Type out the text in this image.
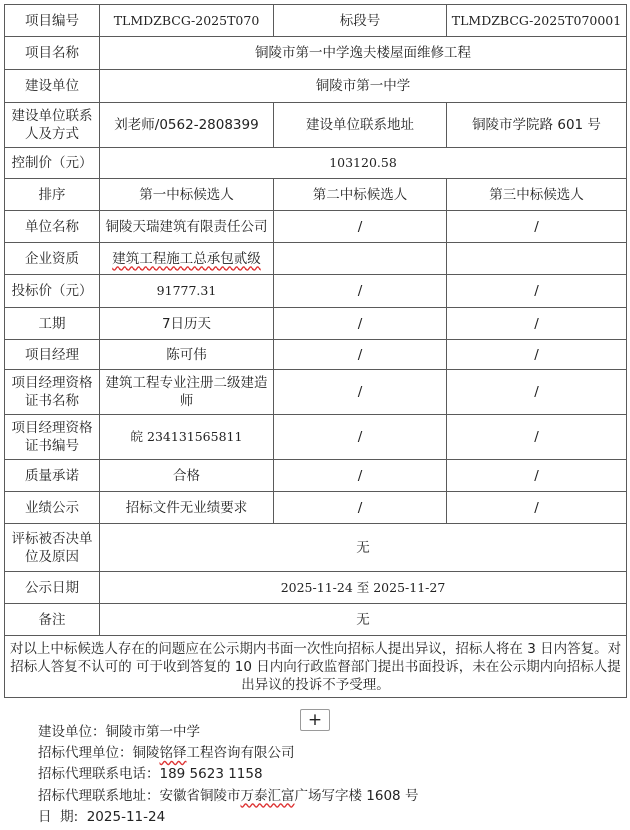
项目编号	TLMDZBCG-2025T070	标段号	TLMDZBCG-2025T070001
项目名称	铜陵市第一中学逸夫楼屋面维修工程		
建设单位	铜陵市第一中学		
建设单位联系人及方式	刘老师/0562-2808399	建设单位联系地址	铜陵市学院路 601 号
控制价（元）	103120.58		
排序	第一中标候选人	第二中标候选人	第三中标候选人
单位名称	铜陵天瑞建筑有限责任公司	/	/
企业资质	建筑工程施工总承包贰级		
投标价（元）	91777.31	/	/
工期	7日历天	/	/
项目经理	陈可伟	/	/
项目经理资格证书名称	建筑工程专业注册二级建造师	/	/
项目经理资格证书编号	皖 234131565811	/	/
质量承诺	合格	/	/
业绩公示	招标文件无业绩要求	/	/
评标被否决单位及原因	无		
公示日期	2025-11-24 至 2025-11-27		
备注	无		
对以上中标候选人存在的问题应在公示期内书面一次性向招标人提出异议，招标人将在 3 日内答复。对招标人答复不认可的 可于收到答复的 10 日内向行政监督部门提出书面投诉，未在公示期内向招标人提出异议的投诉不予受理。			
+
建设单位：铜陵市第一中学
招标代理单位：铜陵铭铎工程咨询有限公司
招标代理联系电话：189 5623 1158
招标代理联系地址：安徽省铜陵市万泰汇富广场写字楼 1608 号
日  期:  2025-11-24
